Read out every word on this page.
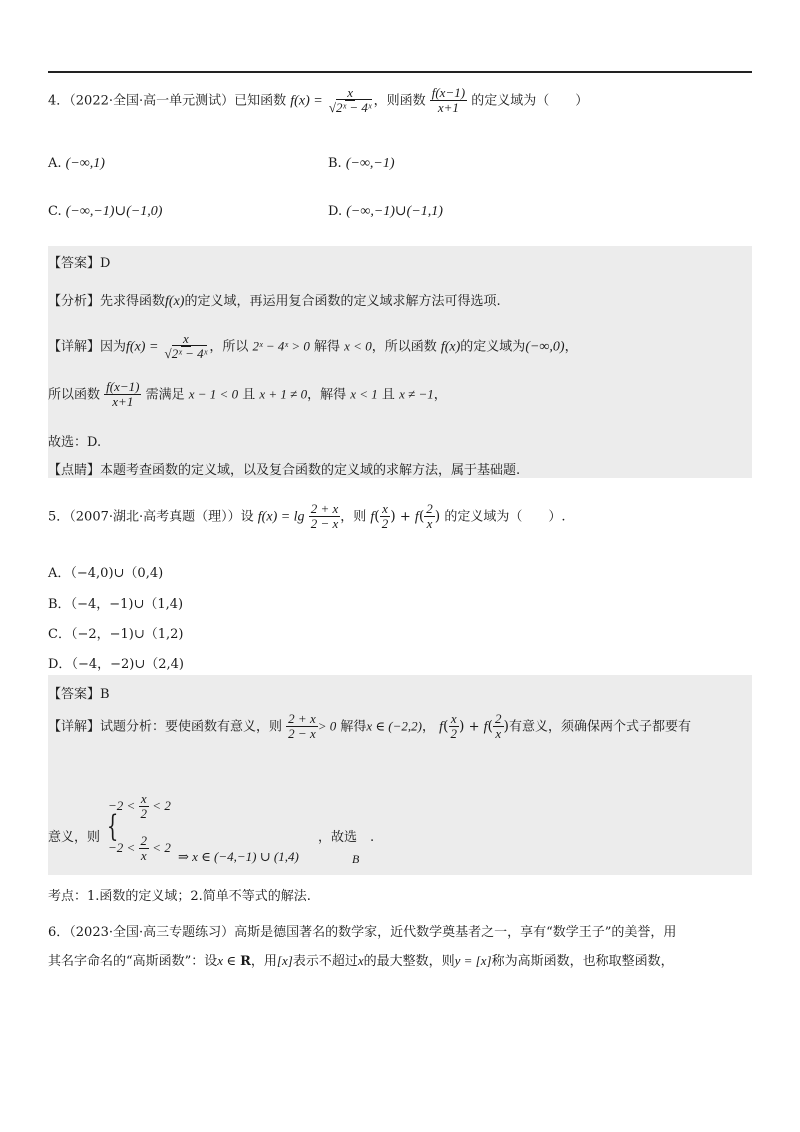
4．（2022·全国·高一单元测试）已知函数 $f(x) = \frac{x}{\text{√2ˣ − 4ˣ}}$ ，则函数 $\frac{f(x-1)}{x+1}$ 的定义域为（　　）
A. (−∞,1)	B. (−∞,−1)
C. (−∞,−1)∪(−1,0)	D. (−∞,−1)∪(−1,1)
【答案】D
【分析】先求得函数f(x)的定义域，再运用复合函数的定义域求解方法可得选项.
【详解】因为$f(x) = \frac{x}{\text{√2ˣ − 4ˣ}}$ ，所以 2ˣ − 4ˣ > 0 解得 x < 0，所以函数 f(x)的定义域为(−∞,0)，
所以函数 $\frac{f(x-1)}{x+1}$ 需满足 x − 1 < 0 且 x + 1 ≠ 0，解得 x < 1 且 x ≠ −1，
故选：D.
【点睛】本题考查函数的定义域，以及复合函数的定义域的求解方法，属于基础题.
5．（2007·湖北·高考真题（理））设 $f(x) = \lg \frac{2 + x}{2 - x}$ ，则 $f( \frac{x}{2}$ ) + $f( \frac{2}{x}$ ) 的定义域为（　　）.
A．（−4,0)∪（0,4)
B．（−4，−1)∪（1,4)
C．（−2，−1)∪（1,2)
D．（−4，−2)∪（2,4)
【答案】B
【详解】试题分析：要使函数有意义，则 $\frac{2 + x}{2 - x} > 0$ 解得x ∈ (−2,2)， $f( \frac{x}{2}$ ) + $f( \frac{2}{x}$ )有意义，须确保两个式子都要有
意义，则 {
$-2 < \frac{x}{2} < 2$
$-2 < \frac{2}{x} < 2$
⇒ x ∈ (−4,−1) ∪ (1,4)
，故选　 .
B
考点：1.函数的定义域；2.简单不等式的解法.
6．（2023·全国·高三专题练习）高斯是德国著名的数学家，近代数学奠基者之一，享有“数学王子”的美誉，用
其名字命名的“高斯函数”：设x ∈ R，用[x]表示不超过x的最大整数，则y = [x]称为高斯函数，也称取整函数，
